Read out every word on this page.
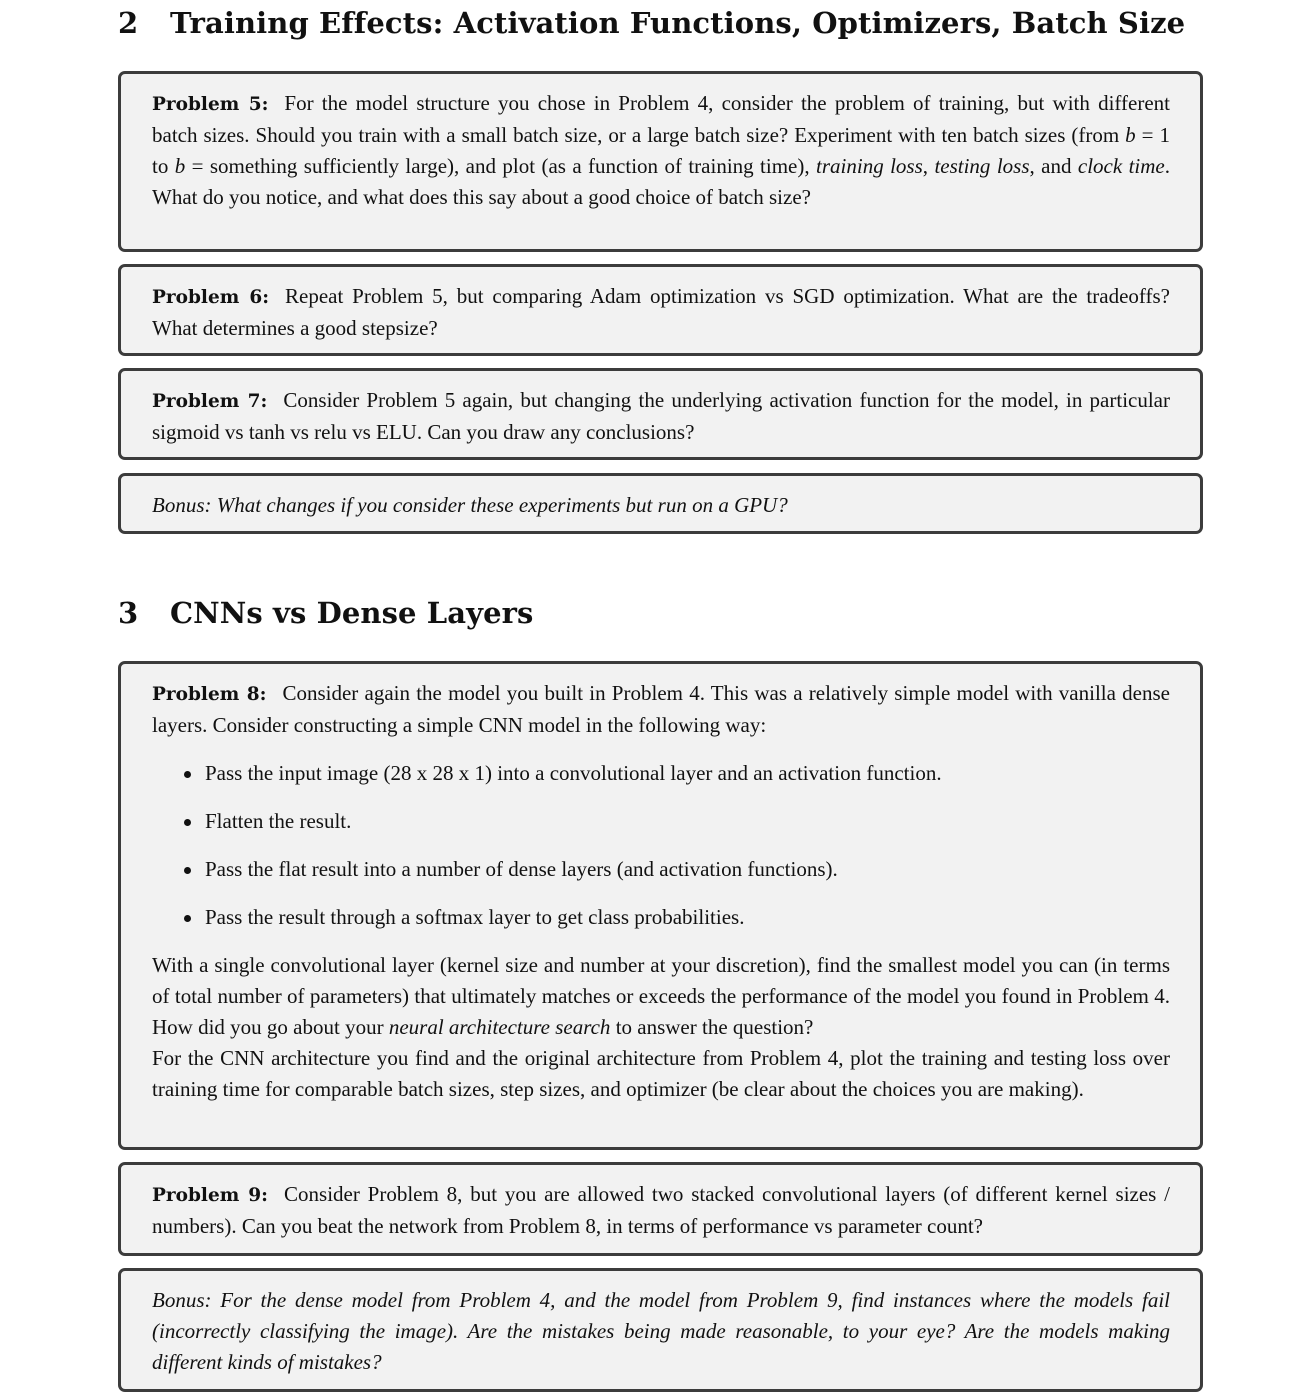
2 Training Effects: Activation Functions, Optimizers, Batch Size

Problem 5: For the model structure you chose in Problem 4, consider the problem of training, but with different batch sizes. Should you train with a small batch size, or a large batch size? Experiment with ten batch sizes (from b = 1 to b = something sufficiently large), and plot (as a function of training time), training loss, testing loss, and clock time. What do you notice, and what does this say about a good choice of batch size?

Problem 6: Repeat Problem 5, but comparing Adam optimization vs SGD optimization. What are the tradeoffs? What determines a good stepsize?

Problem 7: Consider Problem 5 again, but changing the underlying activation function for the model, in particular sigmoid vs tanh vs relu vs ELU. Can you draw any conclusions?

Bonus: What changes if you consider these experiments but run on a GPU?

3 CNNs vs Dense Layers

Problem 8: Consider again the model you built in Problem 4. This was a relatively simple model with vanilla dense layers. Consider constructing a simple CNN model in the following way:

Pass the input image (28 x 28 x 1) into a convolutional layer and an activation function.
Flatten the result.
Pass the flat result into a number of dense layers (and activation functions).
Pass the result through a softmax layer to get class probabilities.

With a single convolutional layer (kernel size and number at your discretion), find the smallest model you can (in terms of total number of parameters) that ultimately matches or exceeds the performance of the model you found in Problem 4. How did you go about your neural architecture search to answer the question?

For the CNN architecture you find and the original architecture from Problem 4, plot the training and testing loss over training time for comparable batch sizes, step sizes, and optimizer (be clear about the choices you are making).

Problem 9: Consider Problem 8, but you are allowed two stacked convolutional layers (of different kernel sizes / numbers). Can you beat the network from Problem 8, in terms of performance vs parameter count?

Bonus: For the dense model from Problem 4, and the model from Problem 9, find instances where the models fail (incorrectly classifying the image). Are the mistakes being made reasonable, to your eye? Are the models making different kinds of mistakes?
